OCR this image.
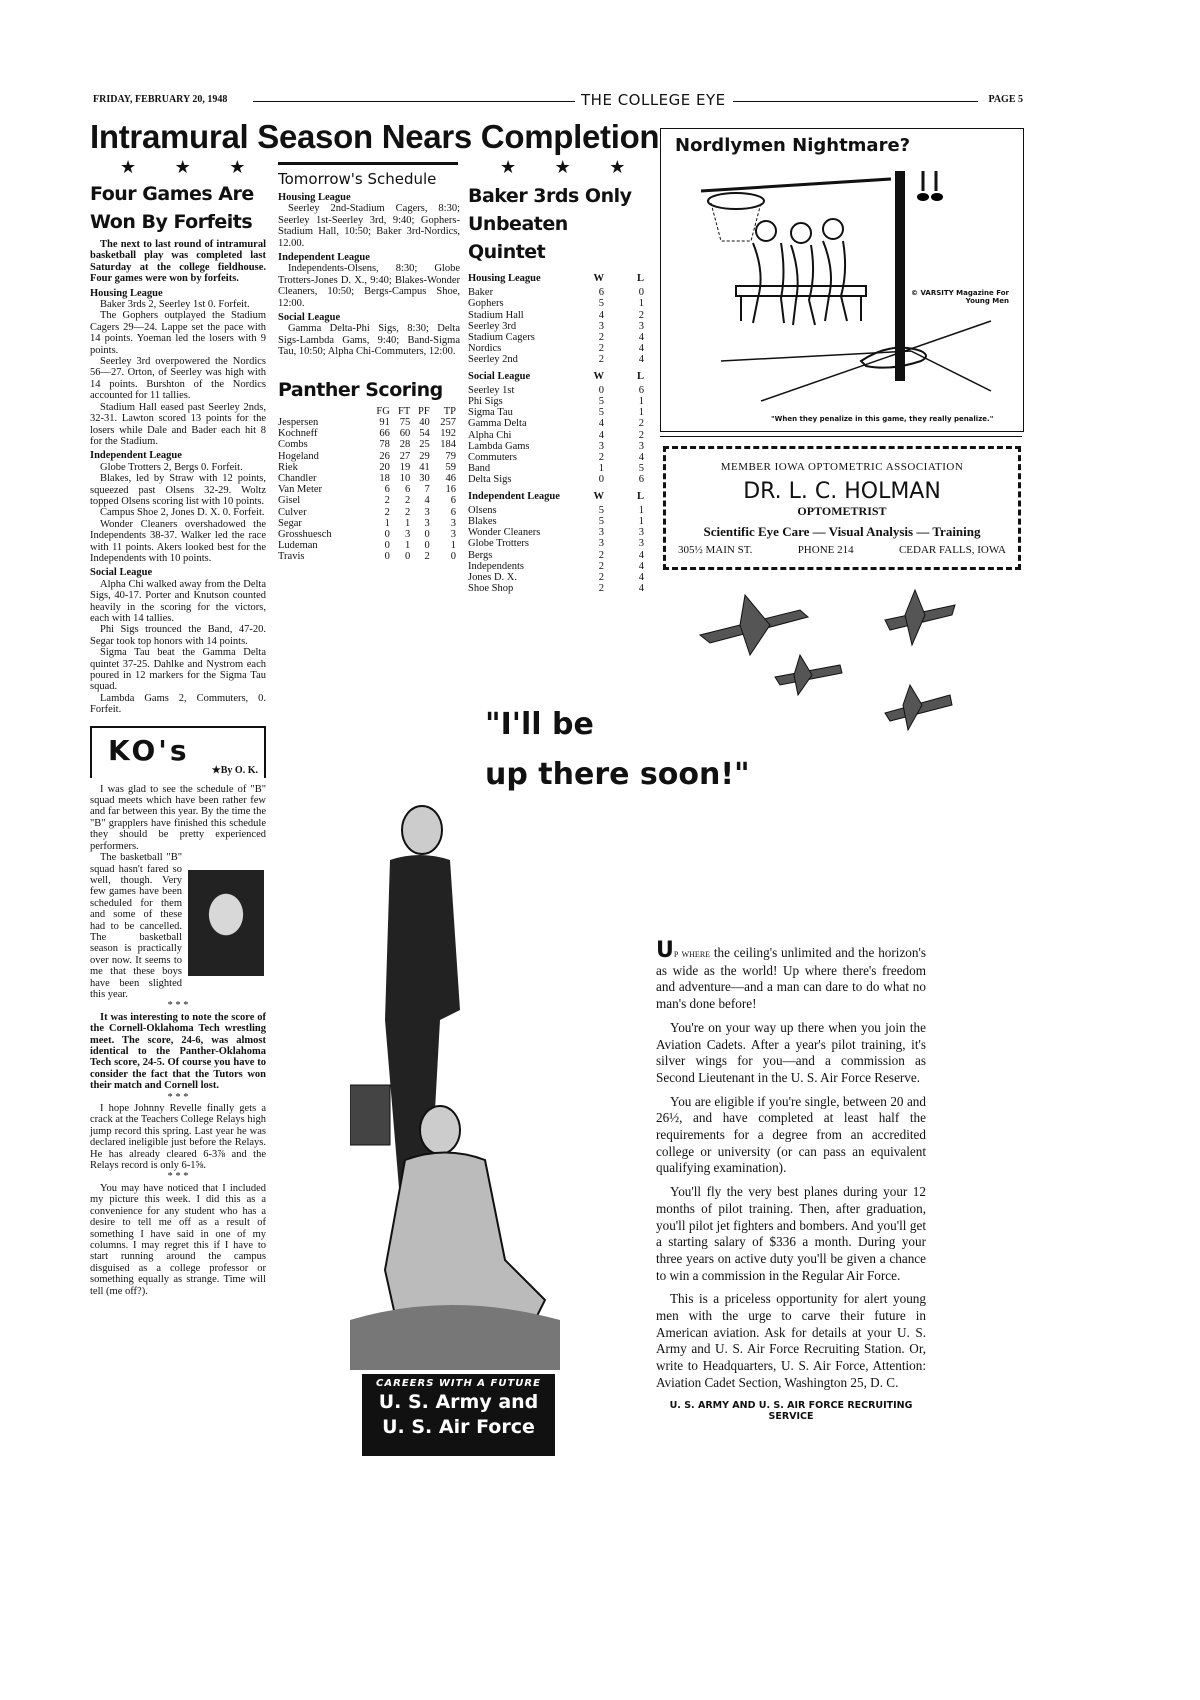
FRIDAY, FEBRUARY 20, 1948	THE COLLEGE EYE	PAGE 5
Intramural Season Nears Completion
★ ★ ★	★ ★ ★
Four Games Are
Won By Forfeits

The next to last round of intramural basketball play was completed last Saturday at the college fieldhouse. Four games were won by forfeits.

Housing League

Baker 3rds 2, Seerley 1st 0. Forfeit.

The Gophers outplayed the Stadium Cagers 29—24. Lappe set the pace with 14 points. Yoeman led the losers with 9 points.

Seerley 3rd overpowered the Nordics 56—27. Orton, of Seerley was high with 14 points. Burshton of the Nordics accounted for 11 tallies.

Stadium Hall eased past Seerley 2nds, 32-31. Lawton scored 13 points for the losers while Dale and Bader each hit 8 for the Stadium.

Independent League

Globe Trotters 2, Bergs 0. Forfeit.

Blakes, led by Straw with 12 points, squeezed past Olsens 32-29. Woltz topped Olsens scoring list with 10 points.

Campus Shoe 2, Jones D. X. 0. Forfeit.

Wonder Cleaners overshadowed the Independents 38-37. Walker led the race with 11 points. Akers looked best for the Independents with 10 points.

Social League

Alpha Chi walked away from the Delta Sigs, 40-17. Porter and Knutson counted heavily in the scoring for the victors, each with 14 tallies.

Phi Sigs trounced the Band, 47-20. Segar took top honors with 14 points.

Sigma Tau beat the Gamma Delta quintet 37-25. Dahlke and Nystrom each poured in 12 markers for the Sigma Tau squad.

Lambda Gams 2, Commuters, 0. Forfeit.

KO's
★By O. K.

I was glad to see the schedule of "B" squad meets which have been rather few and far between this year. By the time the "B" grapplers have finished this schedule they should be pretty experienced performers.

The basketball "B" squad hasn't fared so well, though. Very few games have been scheduled for them and some of these had to be cancelled. The basketball season is practically over now. It seems to me that these boys have been slighted this year.

* * *

It was interesting to note the score of the Cornell-Oklahoma Tech wrestling meet. The score, 24-6, was almost identical to the Panther-Oklahoma Tech score, 24-5. Of course you have to consider the fact that the Tutors won their match and Cornell lost.

* * *

I hope Johnny Revelle finally gets a crack at the Teachers College Relays high jump record this spring. Last year he was declared ineligible just before the Relays. He has already cleared 6-3⅞ and the Relays record is only 6-1⅝.

* * *

You may have noticed that I included my picture this week. I did this as a convenience for any student who has a desire to tell me off as a result of something I have said in one of my columns. I may regret this if I have to start running around the campus disguised as a college professor or something equally as strange. Time will tell (me off?).

Tomorrow's Schedule

Housing League

Seerley 2nd-Stadium Cagers, 8:30; Seerley 1st-Seerley 3rd, 9:40; Gophers-Stadium Hall, 10:50; Baker 3rd-Nordics, 12.00.

Independent League

Independents-Olsens, 8:30; Globe Trotters-Jones D. X., 9:40; Blakes-Wonder Cleaners, 10:50; Bergs-Campus Shoe, 12:00.

Social League

Gamma Delta-Phi Sigs, 8:30; Delta Sigs-Lambda Gams, 9:40; Band-Sigma Tau, 10:50; Alpha Chi-Commuters, 12:00.

Panther Scoring
	FG	FT	PF	TP
Jespersen	91	75	40	257
Kochneff	66	60	54	192
Combs	78	28	25	184
Hogeland	26	27	29	79
Riek	20	19	41	59
Chandler	18	10	30	46
Van Meter	6	6	7	16
Gisel	2	2	4	6
Culver	2	2	3	6
Segar	1	1	3	3
Grosshuesch	0	3	0	3
Ludeman	0	1	0	1
Travis	0	0	2	0
Baker 3rds Only
Unbeaten Quintet
Housing League	W	L
Baker	6	0
Gophers	5	1
Stadium Hall	4	2
Seerley 3rd	3	3
Stadium Cagers	2	4
Nordics	2	4
Seerley 2nd	2	4
Social League	W	L
Seerley 1st	0	6
Phi Sigs	5	1
Sigma Tau	5	1
Gamma Delta	4	2
Alpha Chi	4	2
Lambda Gams	3	3
Commuters	2	4
Band	1	5
Delta Sigs	0	6
Independent League	W	L
Olsens	5	1
Blakes	5	1
Wonder Cleaners	3	3
Globe Trotters	3	3
Bergs	2	4
Independents	2	4
Jones D. X.	2	4
Shoe Shop	2	4
Nordlymen Nightmare?
© VARSITY Magazine For Young Men
"When they penalize in this game, they really penalize."
MEMBER IOWA OPTOMETRIC ASSOCIATION
DR. L. C. HOLMAN
OPTOMETRIST
Scientific Eye Care — Visual Analysis — Training
305½ MAIN ST.	PHONE 214	CEDAR FALLS, IOWA
"I'll be
up there soon!"
CAREERS WITH A FUTURE
U. S. Army and
U. S. Air Force

Up where the ceiling's unlimited and the horizon's as wide as the world! Up where there's freedom and adventure—and a man can dare to do what no man's done before!

You're on your way up there when you join the Aviation Cadets. After a year's pilot training, it's silver wings for you—and a commission as Second Lieutenant in the U. S. Air Force Reserve.

You are eligible if you're single, between 20 and 26½, and have completed at least half the requirements for a degree from an accredited college or university (or can pass an equivalent qualifying examination).

You'll fly the very best planes during your 12 months of pilot training. Then, after graduation, you'll pilot jet fighters and bombers. And you'll get a starting salary of $336 a month. During your three years on active duty you'll be given a chance to win a commission in the Regular Air Force.

This is a priceless opportunity for alert young men with the urge to carve their future in American aviation. Ask for details at your U. S. Army and U. S. Air Force Recruiting Station. Or, write to Headquarters, U. S. Air Force, Attention: Aviation Cadet Section, Washington 25, D. C.

U. S. ARMY AND U. S. AIR FORCE RECRUITING SERVICE
